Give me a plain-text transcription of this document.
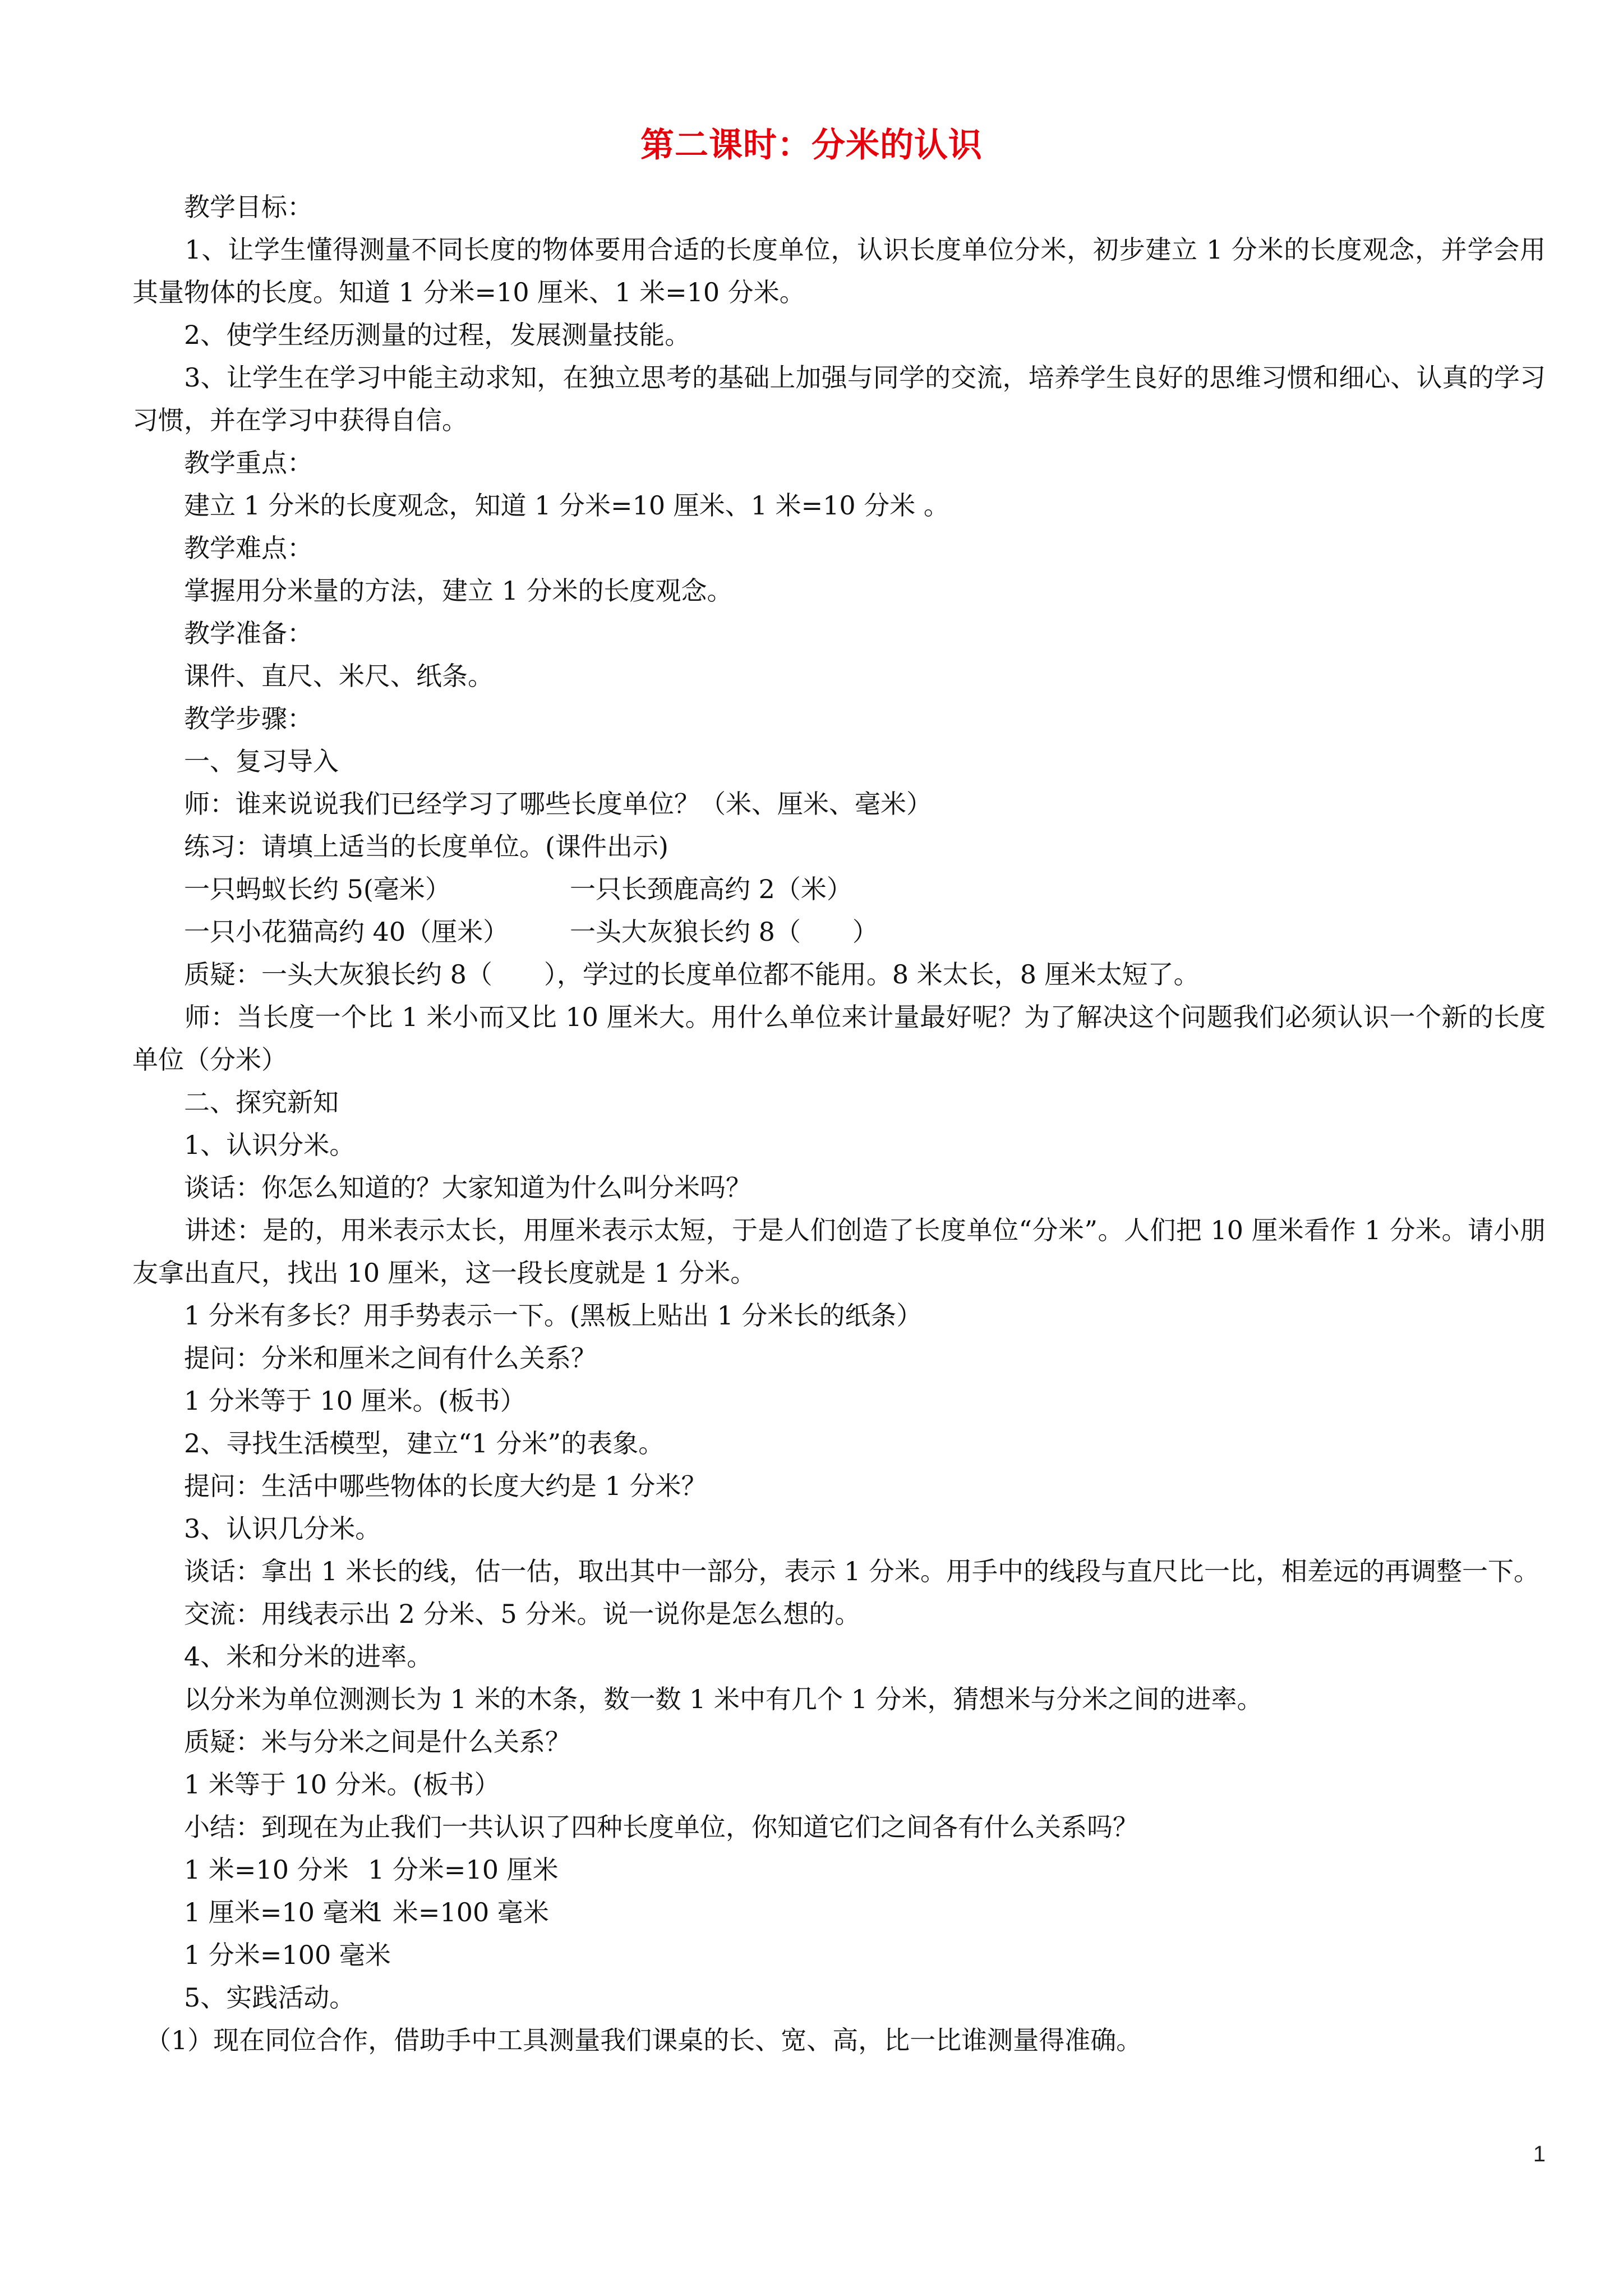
第二课时：分米的认识

　　教学目标：

　　1、让学生懂得测量不同长度的物体要用合适的长度单位，认识长度单位分米，初步建立 1 分米的长度观念，并学会用其量物体的长度。知道 1 分米=10 厘米、1 米=10 分米。

　　2、使学生经历测量的过程，发展测量技能。

　　3、让学生在学习中能主动求知，在独立思考的基础上加强与同学的交流，培养学生良好的思维习惯和细心、认真的学习习惯，并在学习中获得自信。

　　教学重点：

　　建立 1 分米的长度观念，知道 1 分米=10 厘米、1 米=10 分米 。

　　教学难点：

　　掌握用分米量的方法，建立 1 分米的长度观念。

　　教学准备：

　　课件、直尺、米尺、纸条。

　　教学步骤：

　　一、复习导入

　　师：谁来说说我们已经学习了哪些长度单位？（米、厘米、毫米）

　　练习：请填上适当的长度单位。(课件出示)

　　一只蚂蚁长约 5(毫米）	一只长颈鹿高约 2（米）
　　一只小花猫高约 40（厘米） 一头大灰狼长约 8（　　）

　　质疑：一头大灰狼长约 8（　　），学过的长度单位都不能用。8 米太长，8 厘米太短了。

　　师：当长度一个比 1 米小而又比 10 厘米大。用什么单位来计量最好呢？为了解决这个问题我们必须认识一个新的长度单位（分米）

　　二、探究新知

　　1、认识分米。

　　谈话：你怎么知道的？大家知道为什么叫分米吗？

　　讲述：是的，用米表示太长，用厘米表示太短，于是人们创造了长度单位“分米”。人们把 10 厘米看作 1 分米。请小朋友拿出直尺，找出 10 厘米，这一段长度就是 1 分米。

　　1 分米有多长？用手势表示一下。(黑板上贴出 1 分米长的纸条）

　　提问：分米和厘米之间有什么关系？

　　1 分米等于 10 厘米。(板书）

　　2、寻找生活模型，建立“1 分米”的表象。

　　提问：生活中哪些物体的长度大约是 1 分米？

　　3、认识几分米。

　　谈话：拿出 1 米长的线，估一估，取出其中一部分，表示 1 分米。用手中的线段与直尺比一比，相差远的再调整一下。

　　交流：用线表示出 2 分米、5 分米。说一说你是怎么想的。

　　4、米和分米的进率。

　　以分米为单位测测长为 1 米的木条，数一数 1 米中有几个 1 分米，猜想米与分米之间的进率。

　　质疑：米与分米之间是什么关系？

　　1 米等于 10 分米。(板书）

　　小结：到现在为止我们一共认识了四种长度单位，你知道它们之间各有什么关系吗？

　　1 米=10 分米 1 分米=10 厘米
　　1 厘米=10 毫米1 米=100 毫米

　　1 分米=100 毫米

　　5、实践活动。

　（1）现在同位合作，借助手中工具测量我们课桌的长、宽、高，比一比谁测量得准确。

1
